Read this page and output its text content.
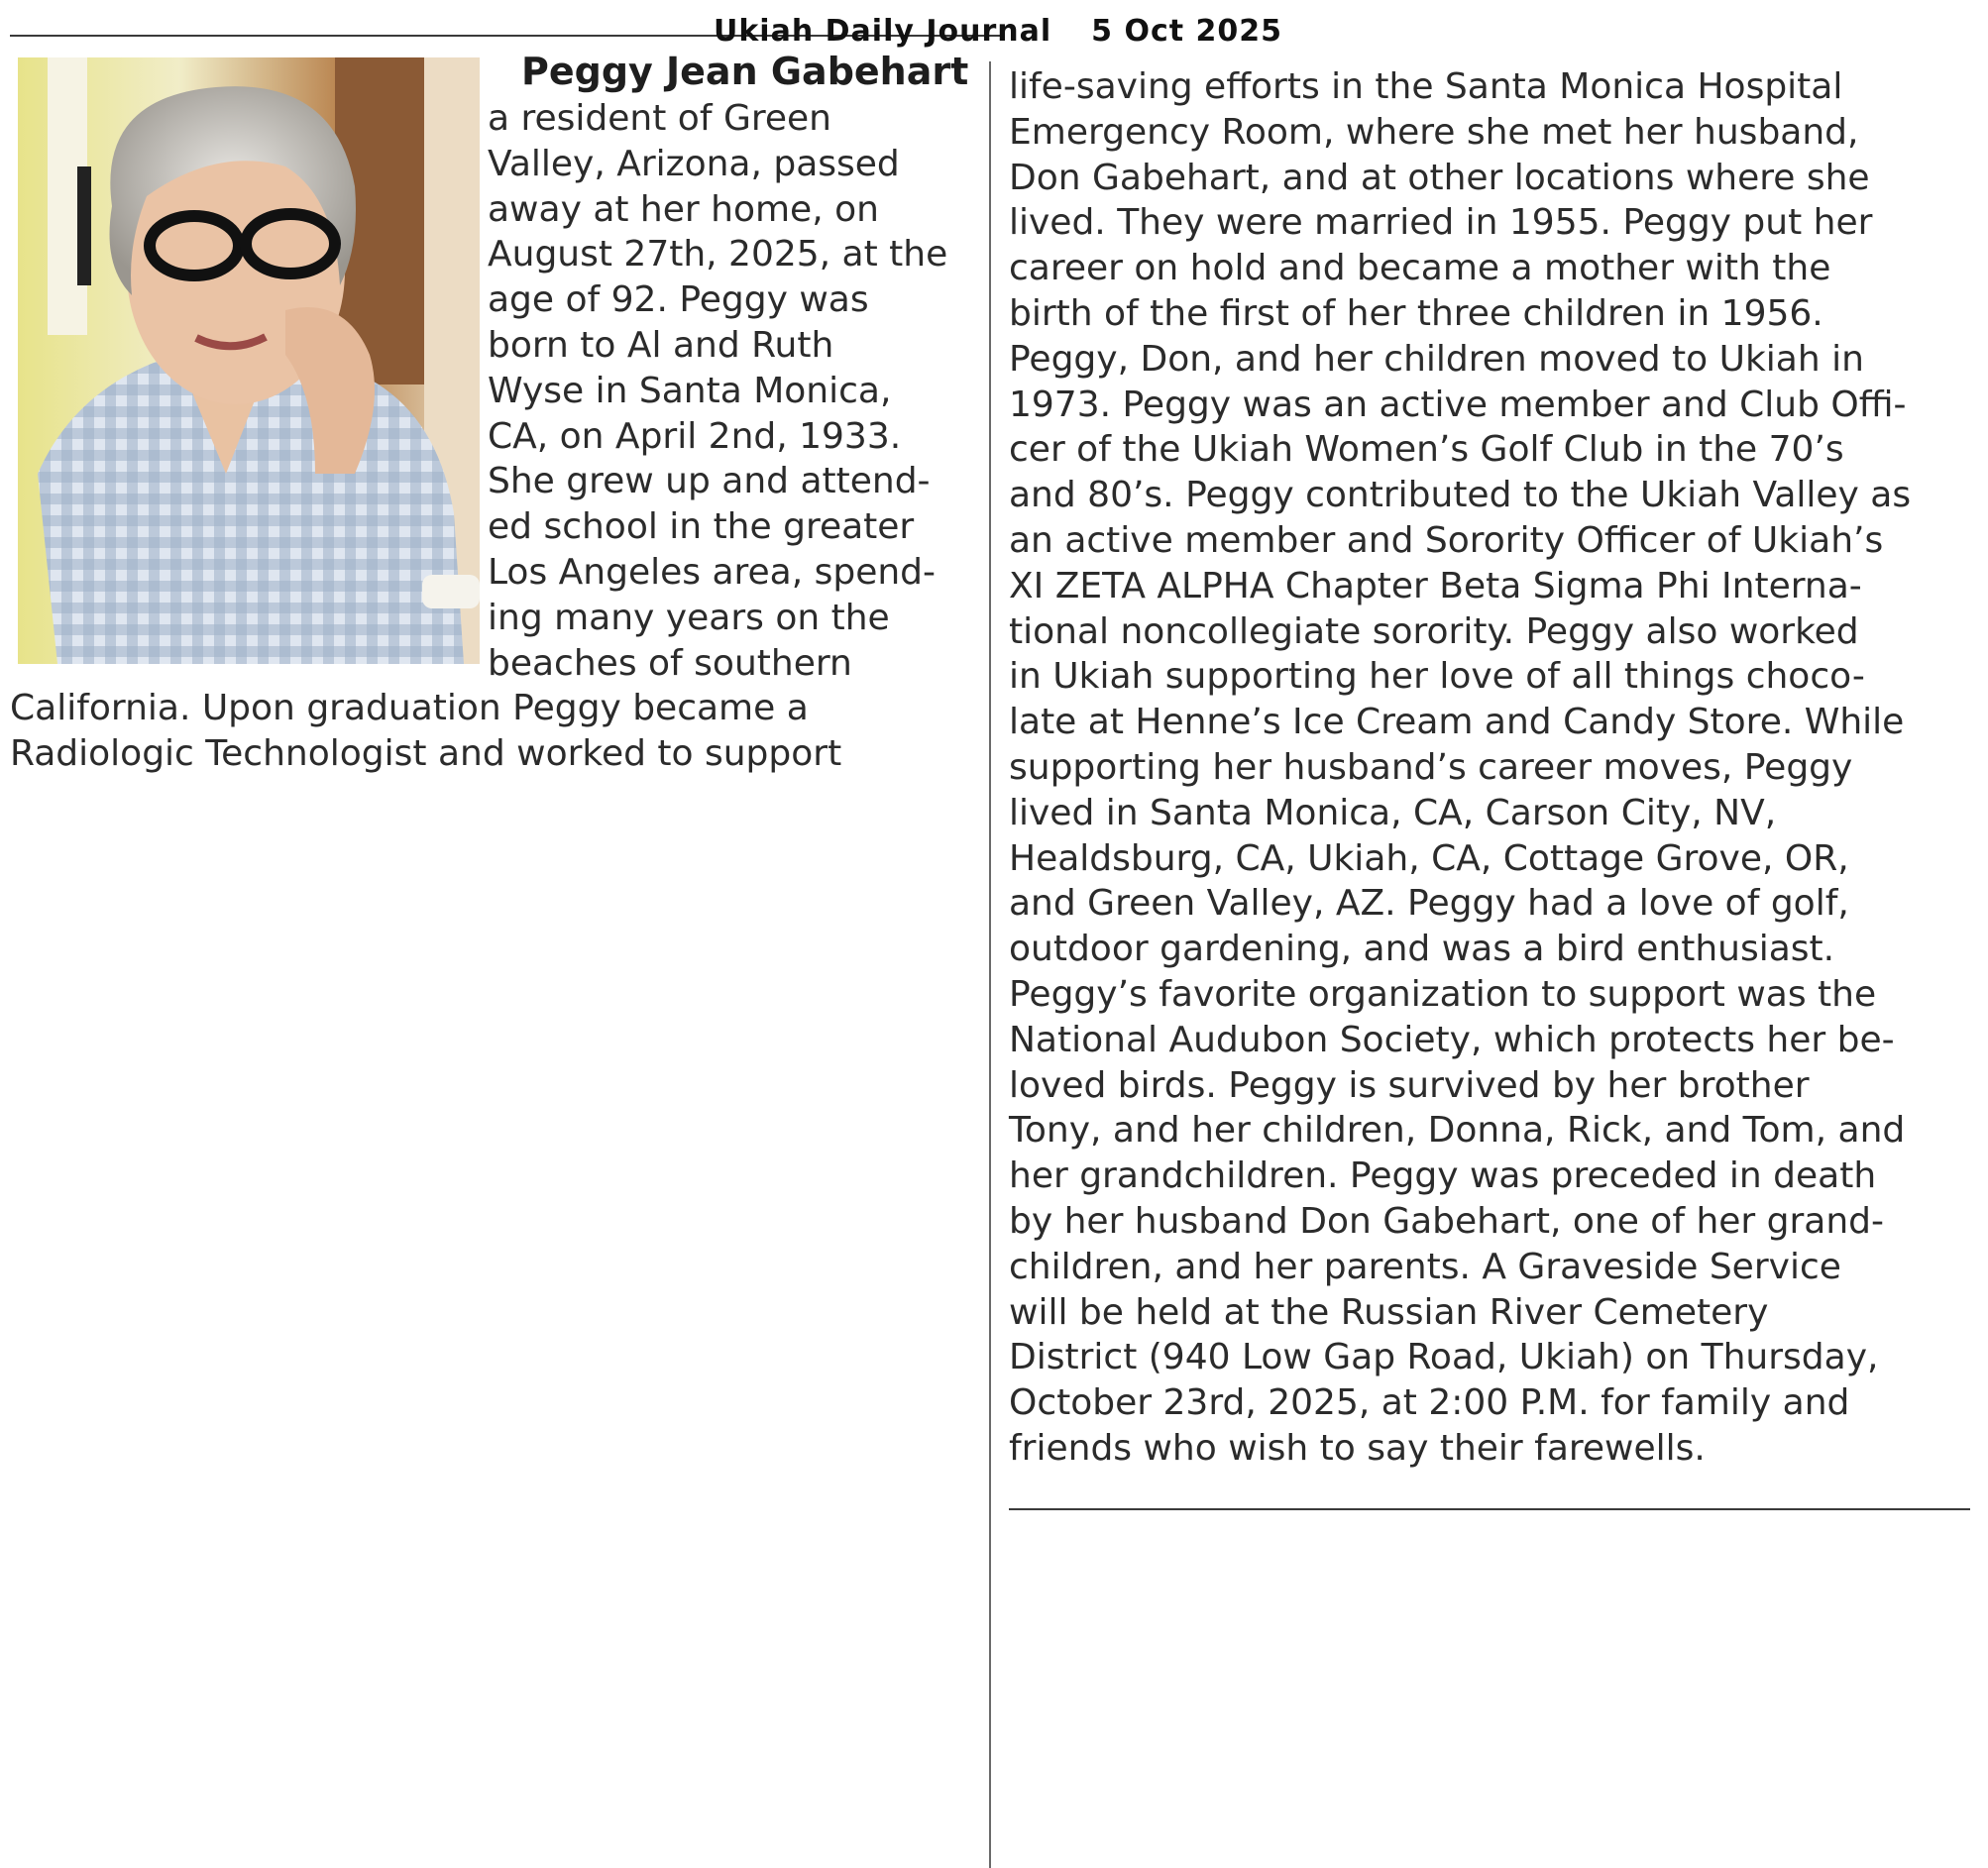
Ukiah Daily Journal 5 Oct 2025
Peggy Jean Gabehart
a resident of Green
Valley, Arizona, passed
away at her home, on
August 27th, 2025, at the
age of 92. Peggy was
born to Al and Ruth
Wyse in Santa Monica,
CA, on April 2nd, 1933.
She grew up and attend-
ed school in the greater
Los Angeles area, spend-
ing many years on the
beaches of southern
California. Upon graduation Peggy became a
Radiologic Technologist and worked to support
life-saving efforts in the Santa Monica Hospital
Emergency Room, where she met her husband,
Don Gabehart, and at other locations where she
lived. They were married in 1955. Peggy put her
career on hold and became a mother with the
birth of the first of her three children in 1956.
Peggy, Don, and her children moved to Ukiah in
1973. Peggy was an active member and Club Offi-
cer of the Ukiah Women’s Golf Club in the 70’s
and 80’s. Peggy contributed to the Ukiah Valley as
an active member and Sorority Officer of Ukiah’s
XI ZETA ALPHA Chapter Beta Sigma Phi Interna-
tional noncollegiate sorority. Peggy also worked
in Ukiah supporting her love of all things choco-
late at Henne’s Ice Cream and Candy Store. While
supporting her husband’s career moves, Peggy
lived in Santa Monica, CA, Carson City, NV,
Healdsburg, CA, Ukiah, CA, Cottage Grove, OR,
and Green Valley, AZ. Peggy had a love of golf,
outdoor gardening, and was a bird enthusiast.
Peggy’s favorite organization to support was the
National Audubon Society, which protects her be-
loved birds. Peggy is survived by her brother
Tony, and her children, Donna, Rick, and Tom, and
her grandchildren. Peggy was preceded in death
by her husband Don Gabehart, one of her grand-
children, and her parents. A Graveside Service
will be held at the Russian River Cemetery
District (940 Low Gap Road, Ukiah) on Thursday,
October 23rd, 2025, at 2:00 P.M. for family and
friends who wish to say their farewells.
